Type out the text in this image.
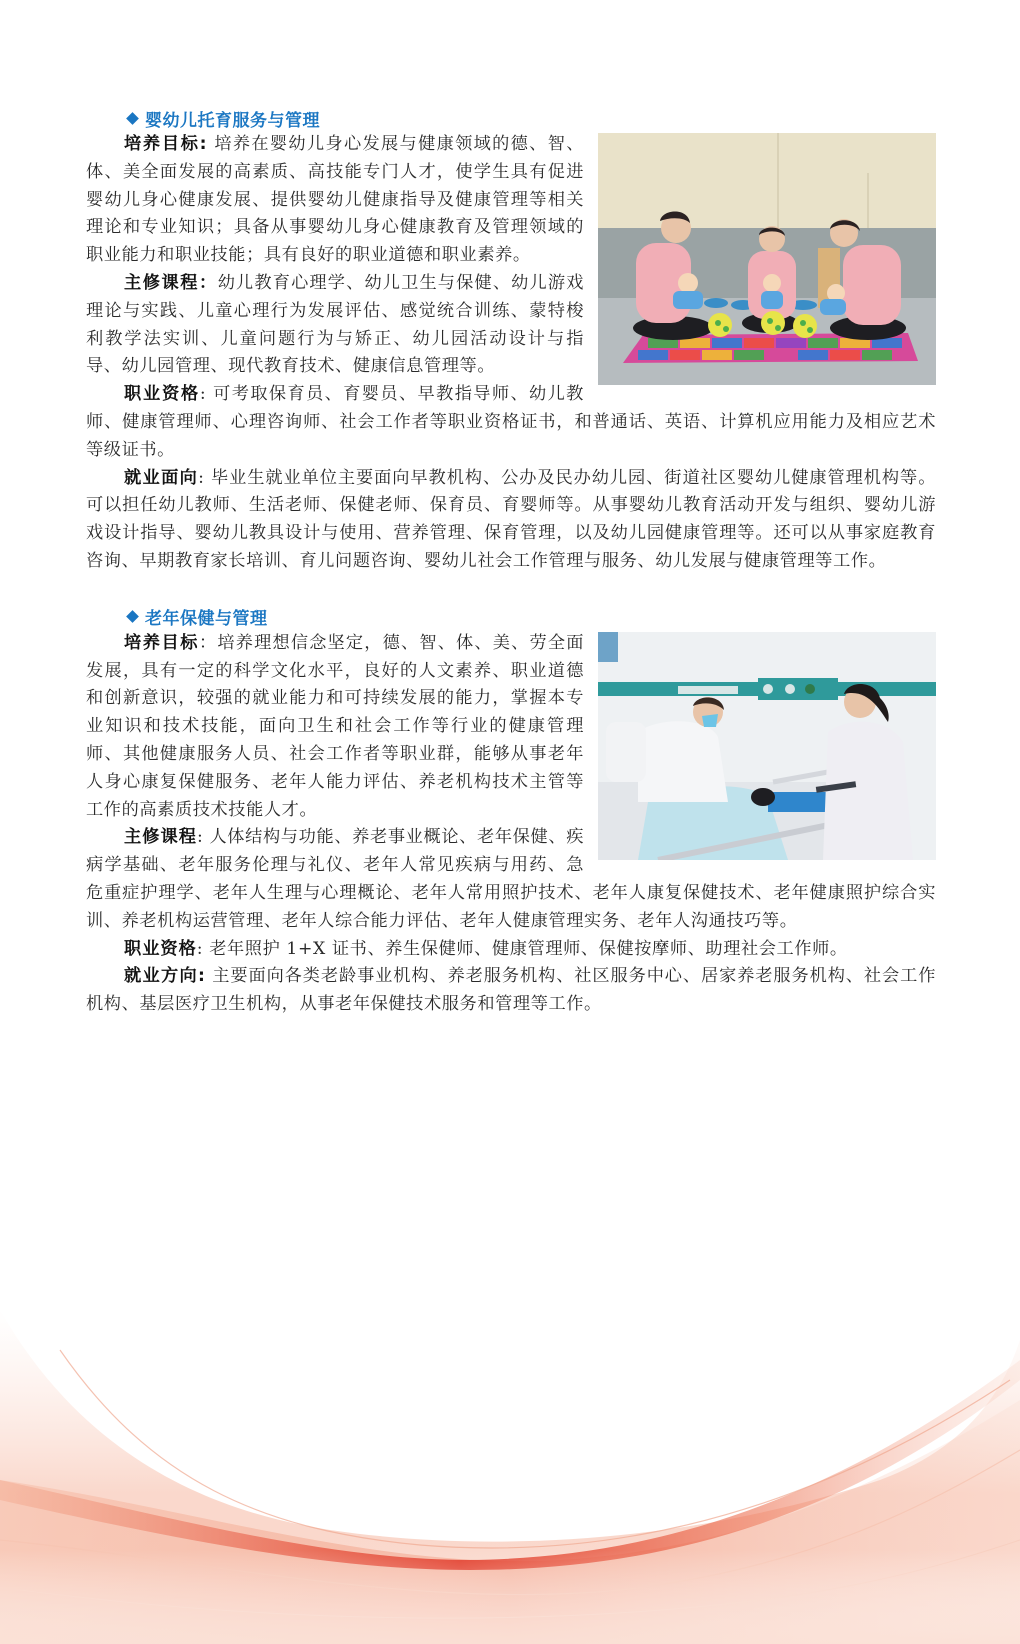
婴幼儿托育服务与管理

培养目标: 培养在婴幼儿身心发展与健康领域的德、智、体、美全面发展的高素质、高技能专门人才，使学生具有促进婴幼儿身心健康发展、提供婴幼儿健康指导及健康管理等相关理论和专业知识；具备从事婴幼儿身心健康教育及管理领域的职业能力和职业技能；具有良好的职业道德和职业素养。

主修课程：幼儿教育心理学、幼儿卫生与保健、幼儿游戏理论与实践、儿童心理行为发展评估、感觉统合训练、蒙特梭利教学法实训、儿童问题行为与矫正、幼儿园活动设计与指导、幼儿园管理、现代教育技术、健康信息管理等。

职业资格: 可考取保育员、育婴员、早教指导师、幼儿教师、健康管理师、心理咨询师、社会工作者等职业资格证书，和普通话、英语、计算机应用能力及相应艺术等级证书。

就业面向: 毕业生就业单位主要面向早教机构、公办及民办幼儿园、街道社区婴幼儿健康管理机构等。可以担任幼儿教师、生活老师、保健老师、保育员、育婴师等。从事婴幼儿教育活动开发与组织、婴幼儿游戏设计指导、婴幼儿教具设计与使用、营养管理、保育管理，以及幼儿园健康管理等。还可以从事家庭教育咨询、早期教育家长培训、育儿问题咨询、婴幼儿社会工作管理与服务、幼儿发展与健康管理等工作。

老年保健与管理

培养目标：培养理想信念坚定，德、智、体、美、劳全面发展，具有一定的科学文化水平，良好的人文素养、职业道德和创新意识，较强的就业能力和可持续发展的能力，掌握本专业知识和技术技能，面向卫生和社会工作等行业的健康管理师、其他健康服务人员、社会工作者等职业群，能够从事老年人身心康复保健服务、老年人能力评估、养老机构技术主管等工作的高素质技术技能人才。

主修课程: 人体结构与功能、养老事业概论、老年保健、疾病学基础、老年服务伦理与礼仪、老年人常见疾病与用药、急危重症护理学、老年人生理与心理概论、老年人常用照护技术、老年人康复保健技术、老年健康照护综合实训、养老机构运营管理、老年人综合能力评估、老年人健康管理实务、老年人沟通技巧等。

职业资格: 老年照护 1+X 证书、养生保健师、健康管理师、保健按摩师、助理社会工作师。

就业方向: 主要面向各类老龄事业机构、养老服务机构、社区服务中心、居家养老服务机构、社会工作机构、基层医疗卫生机构，从事老年保健技术服务和管理等工作。
